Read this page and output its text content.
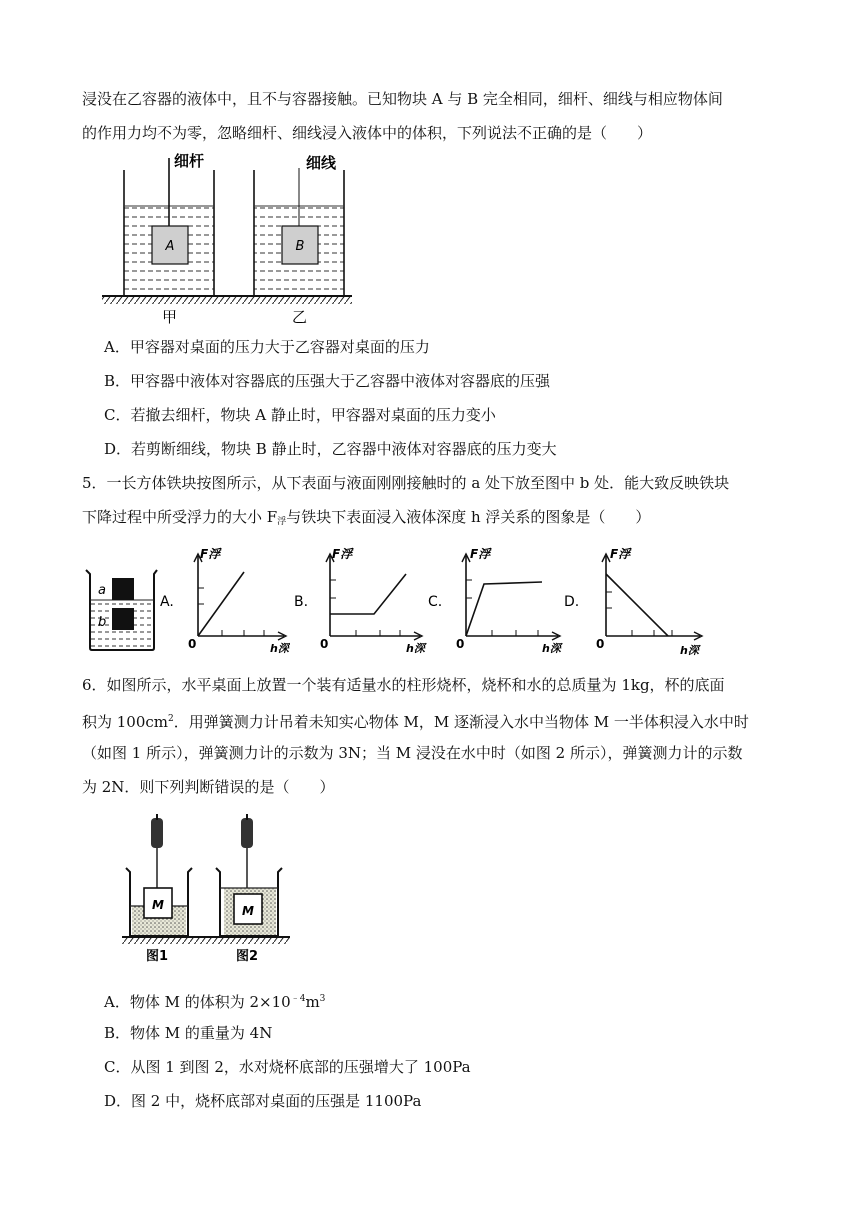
浸没在乙容器的液体中，且不与容器接触。已知物块 A 与 B 完全相同，细杆、细线与相应物体间
的作用力均不为零，忽略细杆、细线浸入液体中的体积，下列说法不正确的是（　　）
A
细杆
B
细线
甲	乙
A．甲容器对桌面的压力大于乙容器对桌面的压力
B．甲容器中液体对容器底的压强大于乙容器中液体对容器底的压强
C．若撤去细杆，物块 A 静止时，甲容器对桌面的压力变小
D．若剪断细线，物块 B 静止时，乙容器中液体对容器底的压力变大
5．一长方体铁块按图所示，从下表面与液面刚刚接触时的 a 处下放至图中 b 处．能大致反映铁块
下降过程中所受浮力的大小 $F_浮$与铁块下表面浸入液体深度 h 浮关系的图象是（　　）
a
b
A.
F浮
0	h深
B.
F浮
0	h深
C.
F浮
0	h深
D.
F浮
0	h深
6．如图所示，水平桌面上放置一个装有适量水的柱形烧杯，烧杯和水的总质量为 1kg，杯的底面
积为 $100cm^2$．用弹簧测力计吊着未知实心物体 M，M 逐渐浸入水中当物体 M 一半体积浸入水中时
（如图 1 所示），弹簧测力计的示数为 3N；当 M 浸没在水中时（如图 2 所示），弹簧测力计的示数
为 2N．则下列判断错误的是（　　）
M	M
图1	图2
A．物体 M 的体积为 $2\times 10^{﹣4}m^3$
B．物体 M 的重量为 4N
C．从图 1 到图 2，水对烧杯底部的压强增大了 100Pa
D．图 2 中，烧杯底部对桌面的压强是 1100Pa
